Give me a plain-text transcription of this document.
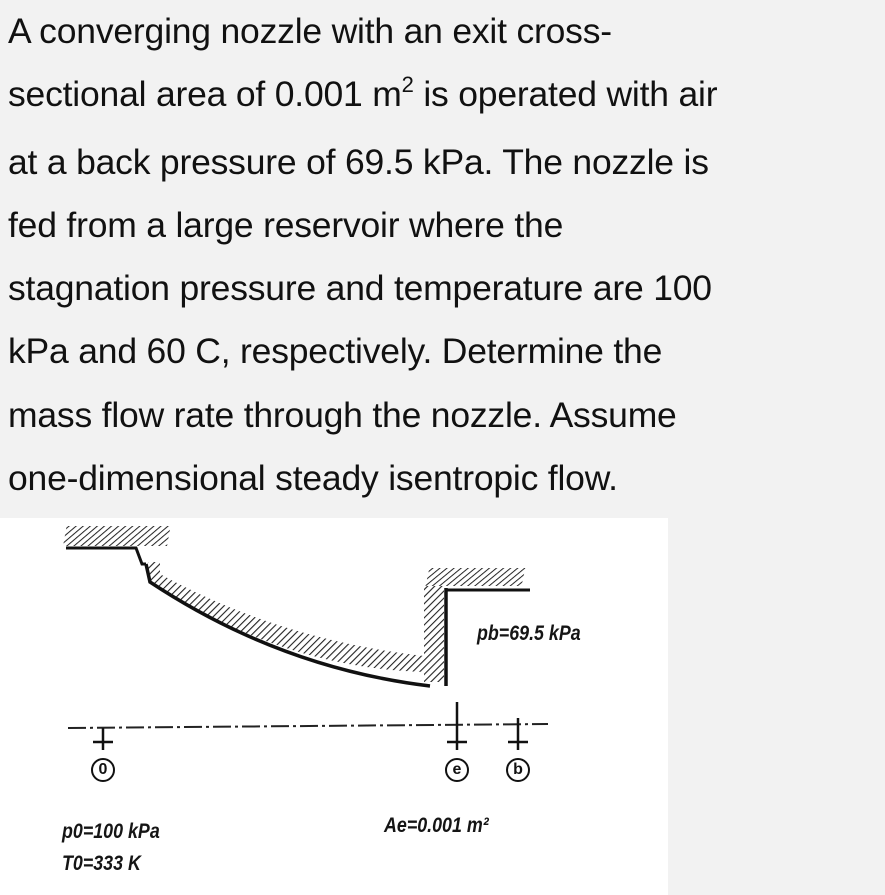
A converging nozzle with an exit cross-
sectional area of 0.001 $m^2$ is operated with air
at a back pressure of 69.5 kPa. The nozzle is
fed from a large reservoir where the
stagnation pressure and temperature are 100
kPa and 60 C, respectively. Determine the
mass flow rate through the nozzle. Assume
one-dimensional steady isentropic flow.
pb=69.5 kPa
0	e	b
Ae=0.001 m²
p0=100 kPa
T0=333 K
